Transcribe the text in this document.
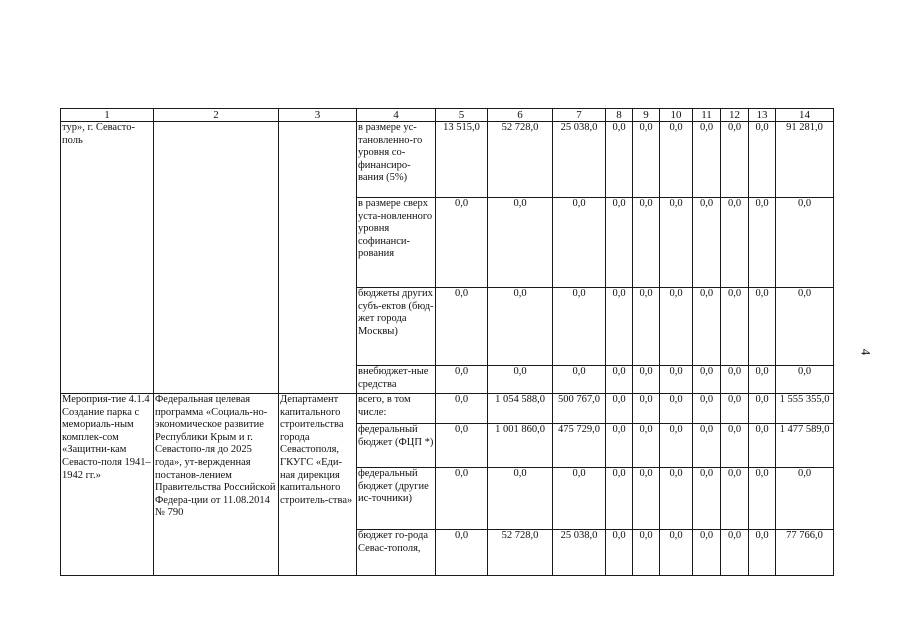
1	2	3	4	5	6	7	8	9	10	11	12	13	14
тур», г. Севасто-поль			в размере ус-тановленно-го уровня со-финансиро-вания (5%)	13 515,0	52 728,0	25 038,0	0,0	0,0	0,0	0,0	0,0	0,0	91 281,0
			в размере сверх уста-новленного уровня софинанси-рования	0,0	0,0	0,0	0,0	0,0	0,0	0,0	0,0	0,0	0,0
			бюджеты других субъ-ектов (бюд-жет города Москвы)	0,0	0,0	0,0	0,0	0,0	0,0	0,0	0,0	0,0	0,0
			внебюджет-ные средства	0,0	0,0	0,0	0,0	0,0	0,0	0,0	0,0	0,0	0,0
Мероприя-тие 4.1.4 Создание парка с мемориаль-ным комплек-сом «Защитни-кам Севасто-поля 1941–1942 гг.»	Федеральная целевая программа «Социаль-но-экономическое развитие Республики Крым и г. Севастопо-ля до 2025 года», ут-вержденная постанов-лением Правительства Российской Федера-ции от 11.08.2014 № 790	Департамент капитального строительства города Севастополя, ГКУГС «Еди-ная дирекция капитального строитель-ства»	всего, в том числе:	0,0	1 054 588,0	500 767,0	0,0	0,0	0,0	0,0	0,0	0,0	1 555 355,0
			федеральный бюджет (ФЦП *)	0,0	1 001 860,0	475 729,0	0,0	0,0	0,0	0,0	0,0	0,0	1 477 589,0
			федеральный бюджет (другие ис-точники)	0,0	0,0	0,0	0,0	0,0	0,0	0,0	0,0	0,0	0,0
			бюджет го-рода Севас-тополя,	0,0	52 728,0	25 038,0	0,0	0,0	0,0	0,0	0,0	0,0	77 766,0
4
